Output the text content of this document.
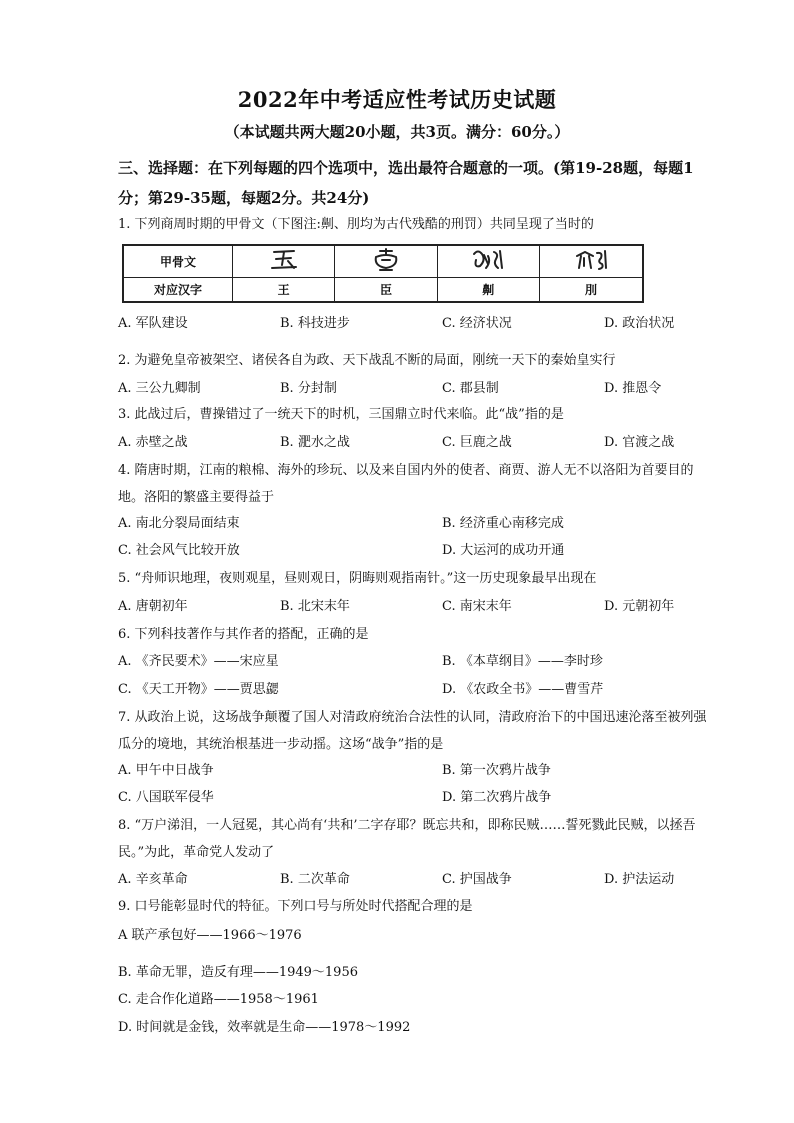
2022年中考适应性考试历史试题
（本试题共两大题20小题，共3页。满分：60分。）
三、选择题：在下列每题的四个选项中，选出最符合题意的一项。(第19-28题，每题1分；第29-35题，每题2分。共24分)
1. 下列商周时期的甲骨文（下图注:劓、刖均为古代残酷的刑罚）共同呈现了当时的
甲骨文				
对应汉字	王	臣	劓	刖
A. 军队建设	B. 科技进步	C. 经济状况	D. 政治状况
2. 为避免皇帝被架空、诸侯各自为政、天下战乱不断的局面，刚统一天下的秦始皇实行
A. 三公九卿制	B. 分封制	C. 郡县制	D. 推恩令
3. 此战过后，曹操错过了一统天下的时机，三国鼎立时代来临。此“战”指的是
A. 赤壁之战	B. 淝水之战	C. 巨鹿之战	D. 官渡之战
4. 隋唐时期，江南的粮棉、海外的珍玩、以及来自国内外的使者、商贾、游人无不以洛阳为首要目的地。洛阳的繁盛主要得益于
A. 南北分裂局面结束	B. 经济重心南移完成
C. 社会风气比较开放	D. 大运河的成功开通
5. “舟师识地理，夜则观星，昼则观日，阴晦则观指南针。”这一历史现象最早出现在
A. 唐朝初年	B. 北宋末年	C. 南宋末年	D. 元朝初年
6. 下列科技著作与其作者的搭配，正确的是
A. 《齐民要术》——宋应星	B. 《本草纲目》——李时珍
C. 《天工开物》——贾思勰	D. 《农政全书》——曹雪芹
7. 从政治上说，这场战争颠覆了国人对清政府统治合法性的认同，清政府治下的中国迅速沦落至被列强瓜分的境地，其统治根基进一步动摇。这场“战争”指的是
A. 甲午中日战争	B. 第一次鸦片战争
C. 八国联军侵华	D. 第二次鸦片战争
8. “万户涕泪，一人冠冕，其心尚有‘共和’二字存耶？既忘共和，即称民贼……誓死戮此民贼，以拯吾民。”为此，革命党人发动了
A. 辛亥革命	B. 二次革命	C. 护国战争	D. 护法运动
9. 口号能彰显时代的特征。下列口号与所处时代搭配合理的是
A 联产承包好——1966～1976
B. 革命无罪，造反有理——1949～1956
C. 走合作化道路——1958～1961
D. 时间就是金钱，效率就是生命——1978～1992
